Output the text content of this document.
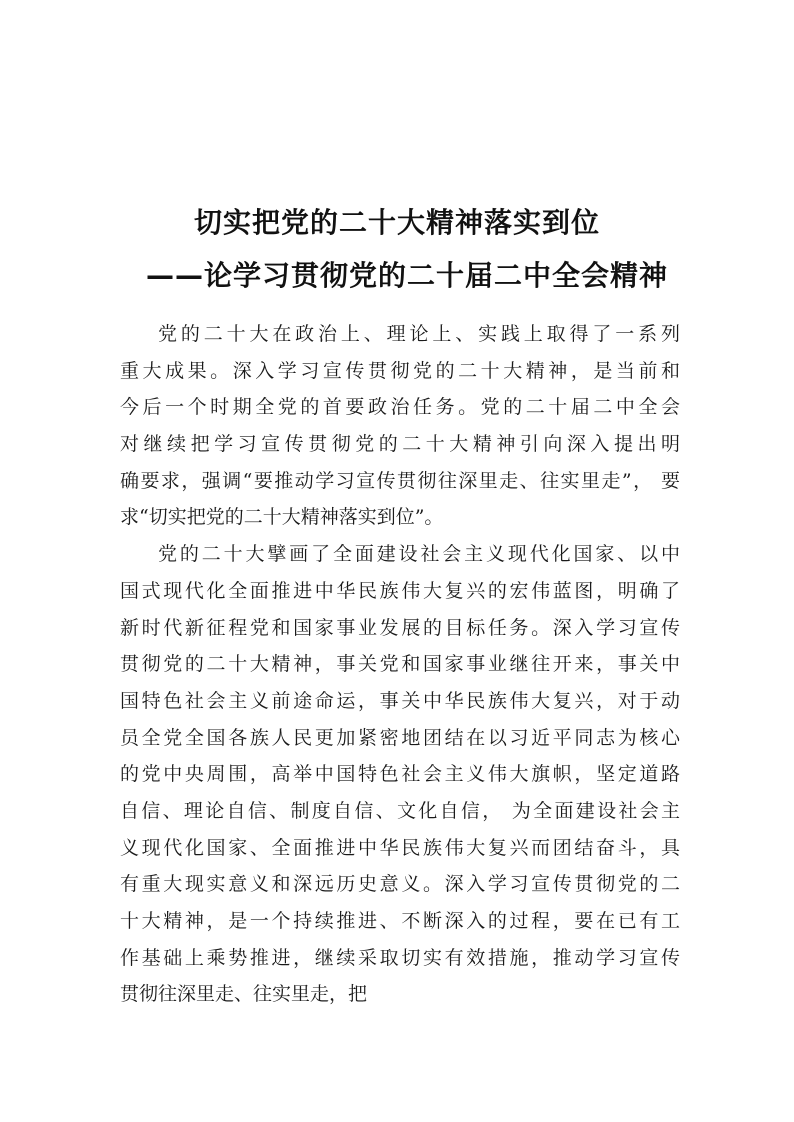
切实把党的二十大精神落实到位
——论学习贯彻党的二十届二中全会精神
党的二十大在政治上、理论上、实践上取得了一系列
重大成果。深入学习宣传贯彻党的二十大精神，是当前和
今后一个时期全党的首要政治任务。党的二十届二中全会
对继续把学习宣传贯彻党的二十大精神引向深入提出明
确要求，强调“要推动学习宣传贯彻往深里走、往实里走”， 要
求“切实把党的二十大精神落实到位”。
党的二十大擘画了全面建设社会主义现代化国家、以中
国式现代化全面推进中华民族伟大复兴的宏伟蓝图，明确了
新时代新征程党和国家事业发展的目标任务。深入学习宣传
贯彻党的二十大精神，事关党和国家事业继往开来，事关中
国特色社会主义前途命运，事关中华民族伟大复兴，对于动
员全党全国各族人民更加紧密地团结在以习近平同志为核心
的党中央周围，高举中国特色社会主义伟大旗帜，坚定道路
自信、理论自信、制度自信、文化自信， 为全面建设社会主
义现代化国家、全面推进中华民族伟大复兴而团结奋斗，具
有重大现实意义和深远历史意义。深入学习宣传贯彻党的二
十大精神，是一个持续推进、不断深入的过程，要在已有工
作基础上乘势推进，继续采取切实有效措施，推动学习宣传
贯彻往深里走、往实里走，把
